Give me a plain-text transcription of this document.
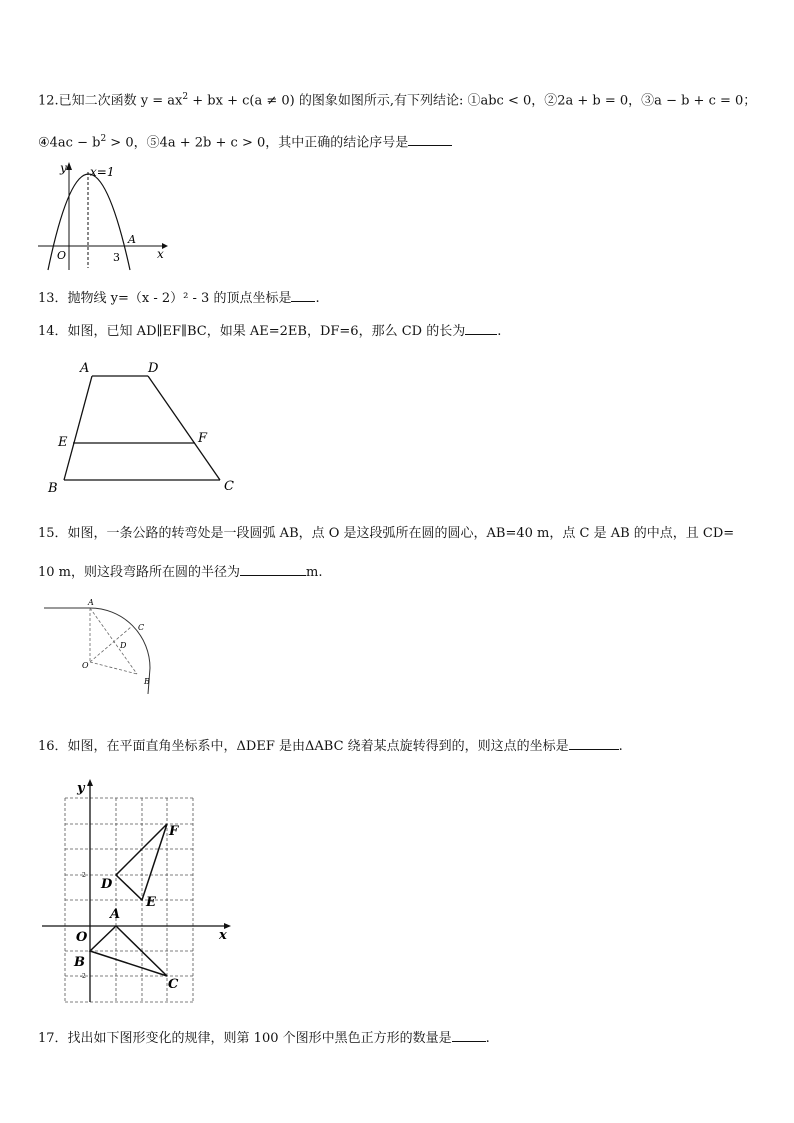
12.已知二次函数 $y = ax^2$ + bx + c(a ≠ 0) 的图象如图所示,有下列结论: ①abc < 0，②2a + b = 0，③a − b + c = 0；
④4ac − $b^2 > 0$，⑤4a + 2b + c > 0，其中正确的结论序号是
y x=1
O	3
A
x
13．抛物线 y=（x - 2）² - 3 的顶点坐标是 .
14．如图，已知 AD∥EF∥BC，如果 AE=2EB，DF=6，那么 CD 的长为 .
A	D
E	F
B	C
15．如图，一条公路的转弯处是一段圆弧 AB，点 O 是这段弧所在圆的圆心，AB=40 m，点 C 是 AB 的中点，且 CD=
10 m，则这段弯路所在圆的半径为	m.
A
C
D
O
B
16．如图，在平面直角坐标系中，ΔDEF 是由ΔABC 绕着某点旋转得到的，则这点的坐标是	.
y
x
O
A
B
C
D
E
F
2
-2
17．找出如下图形变化的规律，则第 100 个图形中黑色正方形的数量是	.
